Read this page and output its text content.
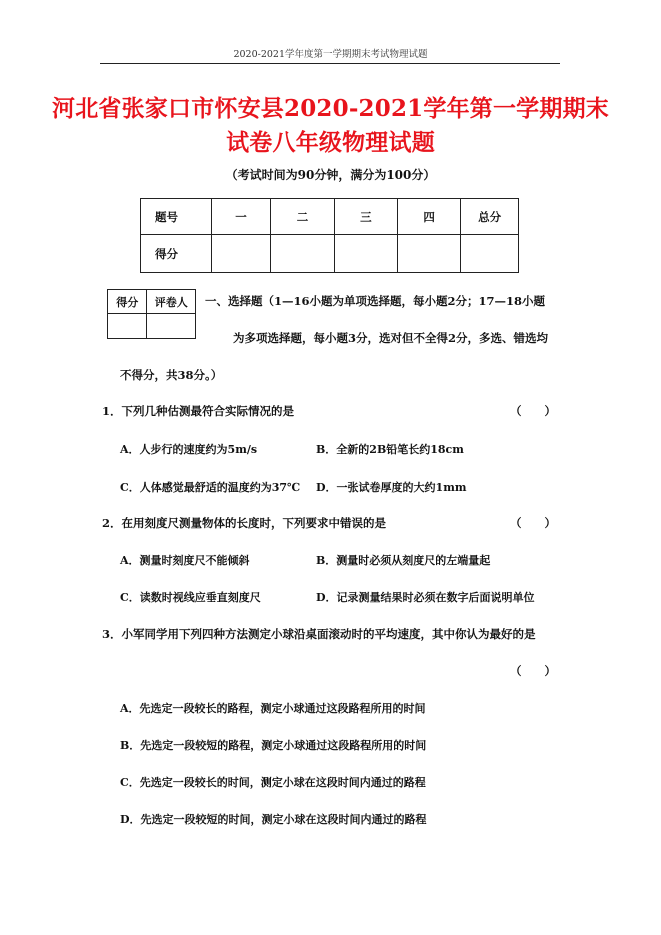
2020-2021学年度第一学期期末考试物理试题
河北省张家口市怀安县2020-2021学年第一学期期末
试卷八年级物理试题
（考试时间为90分钟，满分为100分）
题号	一	二	三	四	总分
得分					
得分	评卷人
	一、选择题（1—16小题为单项选择题，每小题2分；17—18小题
为多项选择题，每小题3分，选对但不全得2分，多选、错选均
不得分，共38分。）
1．下列几种估测最符合实际情况的是	（　　）
A．人步行的速度约为5m/s	B．全新的2B铅笔长约18cm
C．人体感觉最舒适的温度约为37℃ D．一张试卷厚度的大约1mm
2．在用刻度尺测量物体的长度时，下列要求中错误的是	（　　）
A．测量时刻度尺不能倾斜	B．测量时必须从刻度尺的左端量起
C．读数时视线应垂直刻度尺	D．记录测量结果时必须在数字后面说明单位
3．小军同学用下列四种方法测定小球沿桌面滚动时的平均速度，其中你认为最好的是
（　　）
A．先选定一段较长的路程，测定小球通过这段路程所用的时间
B．先选定一段较短的路程，测定小球通过这段路程所用的时间
C．先选定一段较长的时间，测定小球在这段时间内通过的路程
D．先选定一段较短的时间，测定小球在这段时间内通过的路程
